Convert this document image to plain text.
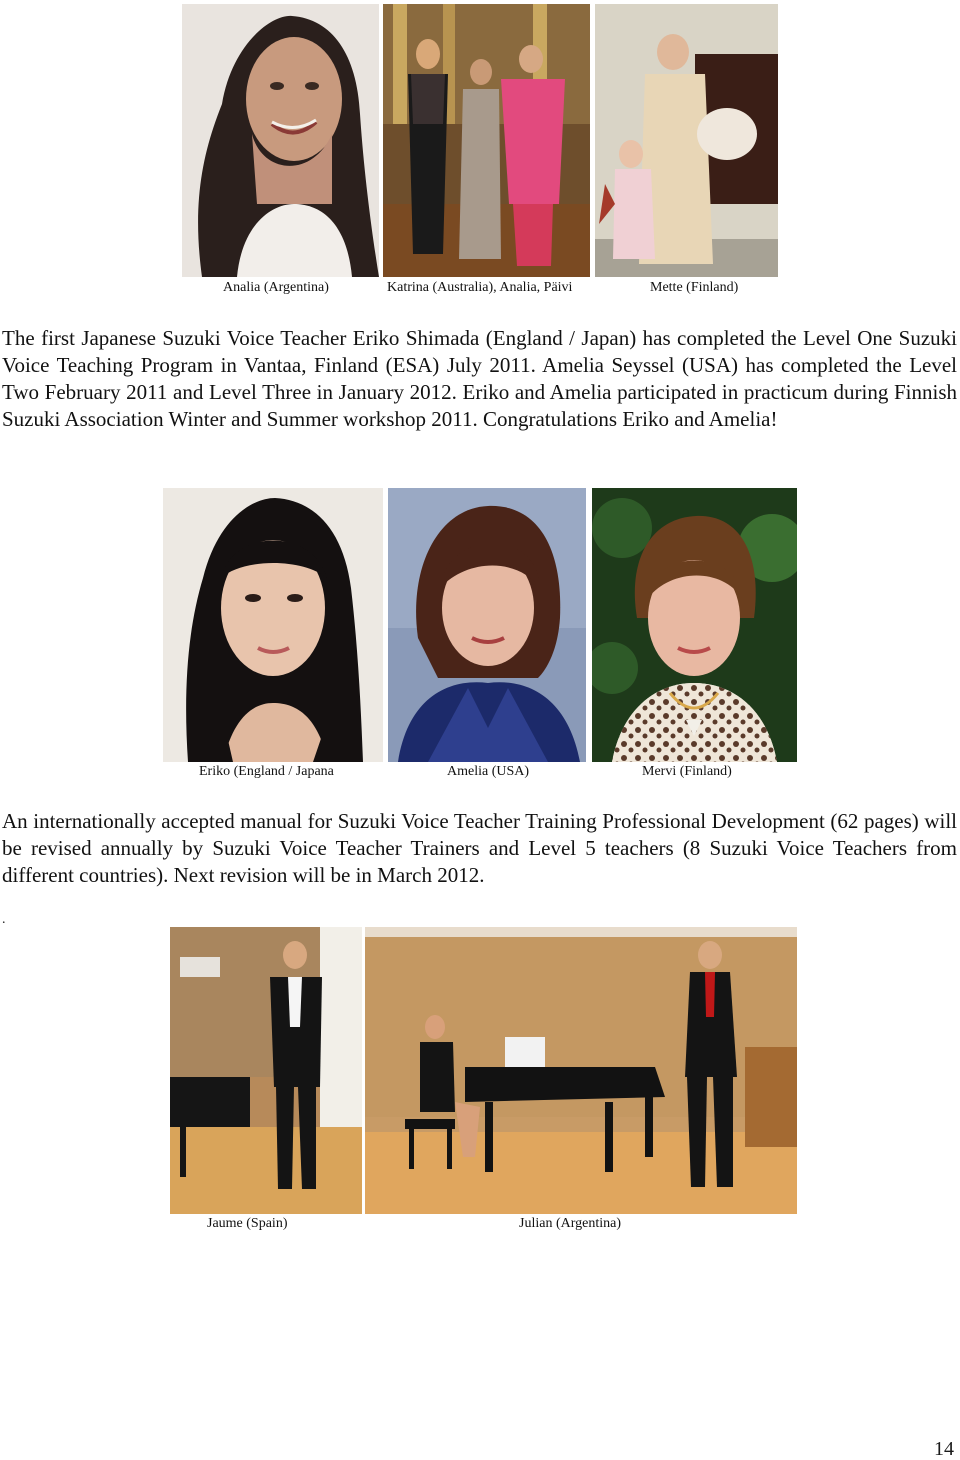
Analia (Argentina)	Katrina (Australia), Analia, Päivi	Mette (Finland)

The first Japanese Suzuki Voice Teacher Eriko Shimada (England / Japan) has completed the Level One Suzuki Voice Teaching Program in Vantaa, Finland (ESA) July 2011. Amelia Seyssel (USA) has completed the Level Two February 2011 and Level Three in January 2012. Eriko and Amelia participated in practicum during Finnish Suzuki Association Winter and Summer workshop 2011. Congratulations Eriko and Amelia!

Eriko (England / Japana	Amelia (USA)	Mervi (Finland)

An internationally accepted manual for Suzuki Voice Teacher Training Professional Development (62 pages) will be revised annually by Suzuki Voice Teacher Trainers and Level 5 teachers (8 Suzuki Voice Teachers from different countries). Next revision will be in March 2012.

.
Jaume (Spain)	Julian (Argentina)
14
